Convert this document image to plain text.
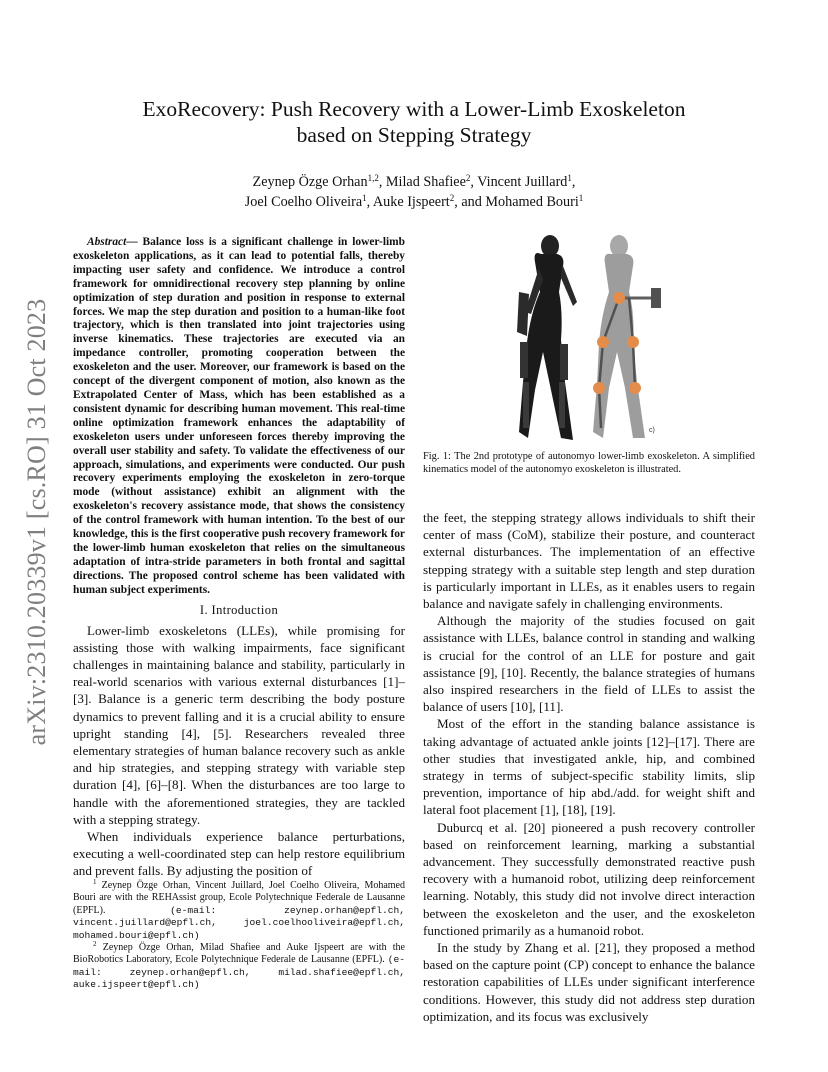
arXiv:2310.20339v1 [cs.RO] 31 Oct 2023
ExoRecovery: Push Recovery with a Lower-Limb Exoskeleton
based on Stepping Strategy
Zeynep Özge Orhan$^{1,2}$, Milad Shafiee$^2$, Vincent Juillard$^1$,
Joel Coelho Oliveira$^1$, Auke Ijspeert$^2$, and Mohamed Bouri$^1$

Abstract— Balance loss is a significant challenge in lower-limb exoskeleton applications, as it can lead to potential falls, thereby impacting user safety and confidence. We introduce a control framework for omnidirectional recovery step planning by online optimization of step duration and position in response to external forces. We map the step duration and position to a human-like foot trajectory, which is then translated into joint trajectories using inverse kinematics. These trajectories are executed via an impedance controller, promoting cooperation between the exoskeleton and the user. Moreover, our framework is based on the concept of the divergent component of motion, also known as the Extrapolated Center of Mass, which has been established as a consistent dynamic for describing human movement. This real-time online optimization framework enhances the adaptability of exoskeleton users under unforeseen forces thereby improving the overall user stability and safety. To validate the effectiveness of our approach, simulations, and experiments were conducted. Our push recovery experiments employing the exoskeleton in zero-torque mode (without assistance) exhibit an alignment with the exoskeleton's recovery assistance mode, that shows the consistency of the control framework with human intention. To the best of our knowledge, this is the first cooperative push recovery framework for the lower-limb human exoskeleton that relies on the simultaneous adaptation of intra-stride parameters in both frontal and sagittal directions. The proposed control scheme has been validated with human subject experiments.

I. Introduction

Lower-limb exoskeletons (LLEs), while promising for assisting those with walking impairments, face significant challenges in maintaining balance and stability, particularly in real-world scenarios with various external disturbances [1]–[3]. Balance is a generic term describing the body posture dynamics to prevent falling and it is a crucial ability to ensure upright standing [4], [5]. Researchers revealed three elementary strategies of human balance recovery such as ankle and hip strategies, and stepping strategy with variable step duration [4], [6]–[8]. When the disturbances are too large to handle with the aforementioned strategies, they are tackled with a stepping strategy.

When individuals experience balance perturbations, executing a well-coordinated step can help restore equilibrium and prevent falls. By adjusting the position of

$^1$ Zeynep Özge Orhan, Vincent Juillard, Joel Coelho Oliveira, Mohamed Bouri are with the REHAssist group, Ecole Polytechnique Federale de Lausanne (EPFL). (e-mail: zeynep.orhan@epfl.ch, vincent.juillard@epfl.ch, joel.coelhooliveira@epfl.ch, mohamed.bouri@epfl.ch)

$^2$ Zeynep Özge Orhan, Milad Shafiee and Auke Ijspeert are with the BioRobotics Laboratory, Ecole Polytechnique Federale de Lausanne (EPFL). (e-mail: zeynep.orhan@epfl.ch, milad.shafiee@epfl.ch, auke.ijspeert@epfl.ch)

c)

Fig. 1: The 2nd prototype of autonomyo lower-limb exoskeleton. A simplified kinematics model of the autonomyo exoskeleton is illustrated.

the feet, the stepping strategy allows individuals to shift their center of mass (CoM), stabilize their posture, and counteract external disturbances. The implementation of an effective stepping strategy with a suitable step length and step duration is particularly important in LLEs, as it enables users to regain balance and navigate safely in challenging environments.

Although the majority of the studies focused on gait assistance with LLEs, balance control in standing and walking is crucial for the control of an LLE for posture and gait assistance [9], [10]. Recently, the balance strategies of humans also inspired researchers in the field of LLEs to assist the balance of users [10], [11].

Most of the effort in the standing balance assistance is taking advantage of actuated ankle joints [12]–[17]. There are other studies that investigated ankle, hip, and combined strategy in terms of subject-specific stability limits, slip prevention, importance of hip abd./add. for weight shift and lateral foot placement [1], [18], [19].

Duburcq et al. [20] pioneered a push recovery controller based on reinforcement learning, marking a substantial advancement. They successfully demonstrated reactive push recovery with a humanoid robot, utilizing deep reinforcement learning. Notably, this study did not involve direct interaction between the exoskeleton and the user, and the exoskeleton functioned primarily as a humanoid robot.

In the study by Zhang et al. [21], they proposed a method based on the capture point (CP) concept to enhance the balance restoration capabilities of LLEs under significant interference conditions. However, this study did not address step duration optimization, and its focus was exclusively
